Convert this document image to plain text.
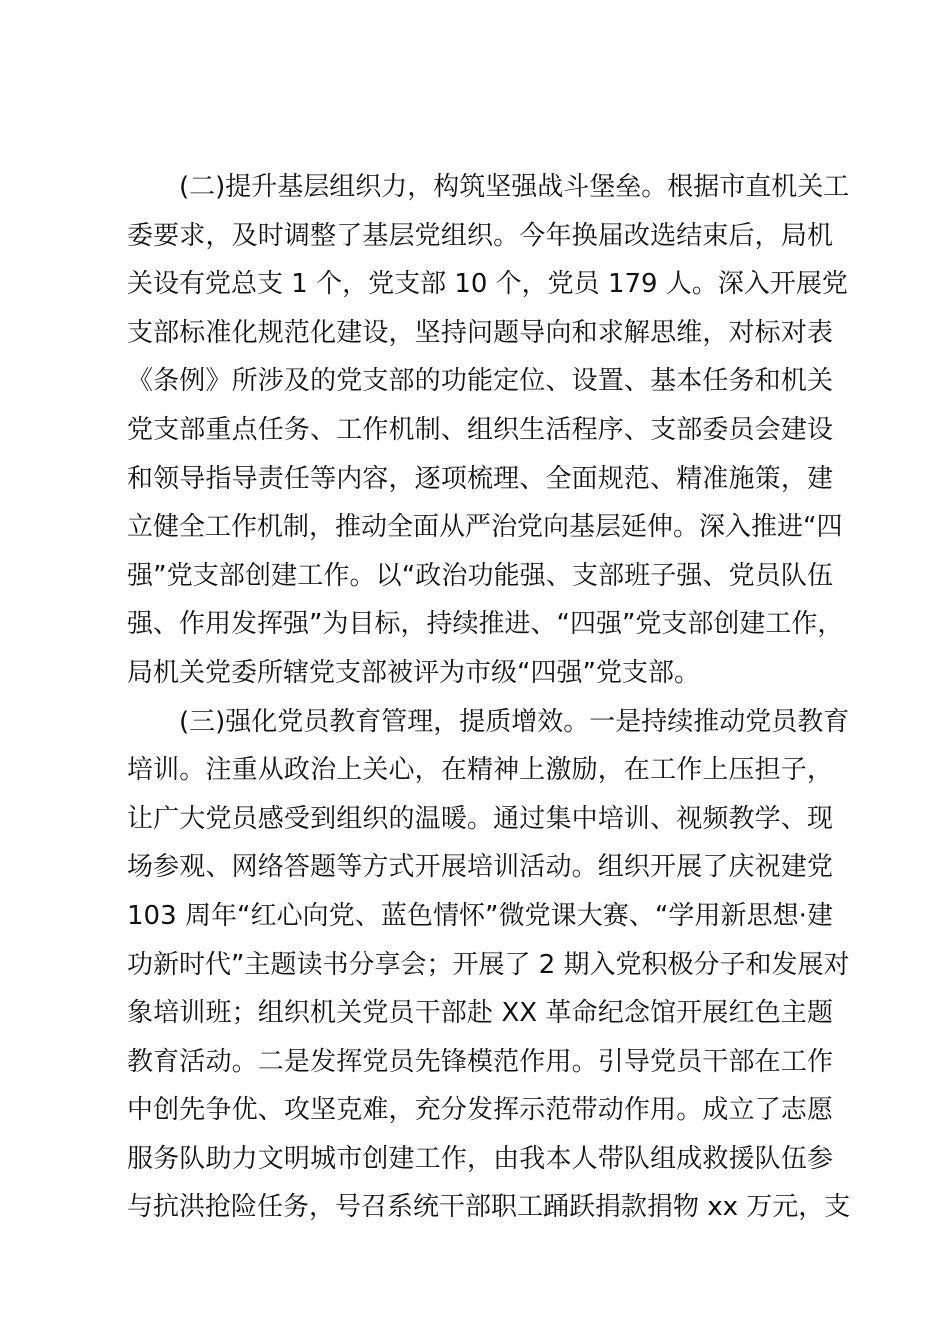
(二)提升基层组织力，构筑坚强战斗堡垒。根据市直机关工
委要求，及时调整了基层党组织。今年换届改选结束后，局机
关设有党总支 1 个，党支部 10 个，党员 179 人。深入开展党
支部标准化规范化建设，坚持问题导向和求解思维，对标对表
《条例》所涉及的党支部的功能定位、设置、基本任务和机关
党支部重点任务、工作机制、组织生活程序、支部委员会建设
和领导指导责任等内容，逐项梳理、全面规范、精准施策，建
立健全工作机制，推动全面从严治党向基层延伸。深入推进“四
强”党支部创建工作。以“政治功能强、支部班子强、党员队伍
强、作用发挥强”为目标，持续推进、“四强”党支部创建工作，
局机关党委所辖党支部被评为市级“四强”党支部。
(三)强化党员教育管理，提质增效。一是持续推动党员教育
培训。注重从政治上关心，在精神上激励，在工作上压担子，
让广大党员感受到组织的温暖。通过集中培训、视频教学、现
场参观、网络答题等方式开展培训活动。组织开展了庆祝建党
103 周年“红心向党、蓝色情怀”微党课大赛、“学用新思想·建
功新时代”主题读书分享会；开展了 2 期入党积极分子和发展对
象培训班；组织机关党员干部赴 XX 革命纪念馆开展红色主题
教育活动。二是发挥党员先锋模范作用。引导党员干部在工作
中创先争优、攻坚克难，充分发挥示范带动作用。成立了志愿
服务队助力文明城市创建工作，由我本人带队组成救援队伍参
与抗洪抢险任务，号召系统干部职工踊跃捐款捐物 xx 万元，支
